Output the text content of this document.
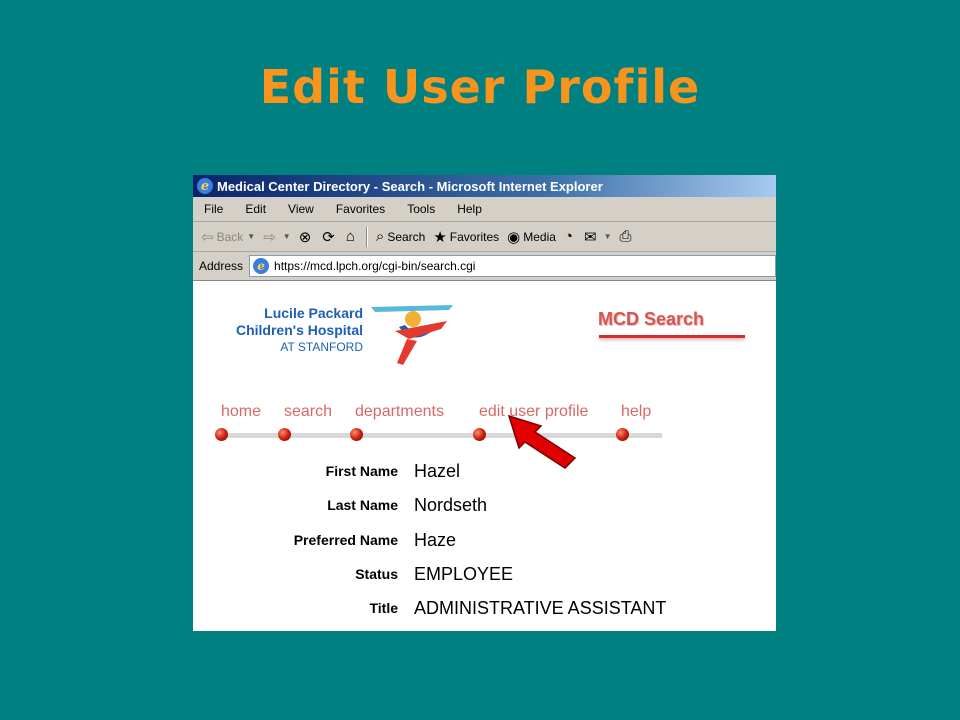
Edit User Profile
e Medical Center Directory - Search - Microsoft Internet Explorer
File	Edit	View	Favorites	Tools	Help
⇦ Back ▼ ⇨ ▼ ⊗ ⟳ ⌂ ⌕ Search ★ Favorites ◉ Media ◔ ✉ ▼ ⎙
Address	e https://mcd.lpch.org/cgi-bin/search.cgi
Lucile Packard
Children's Hospital
AT STANFORD
MCD Search
home search departments edit user profile help
First Name Hazel
Last Name Nordseth
Preferred Name Haze
Status EMPLOYEE
Title ADMINISTRATIVE ASSISTANT
